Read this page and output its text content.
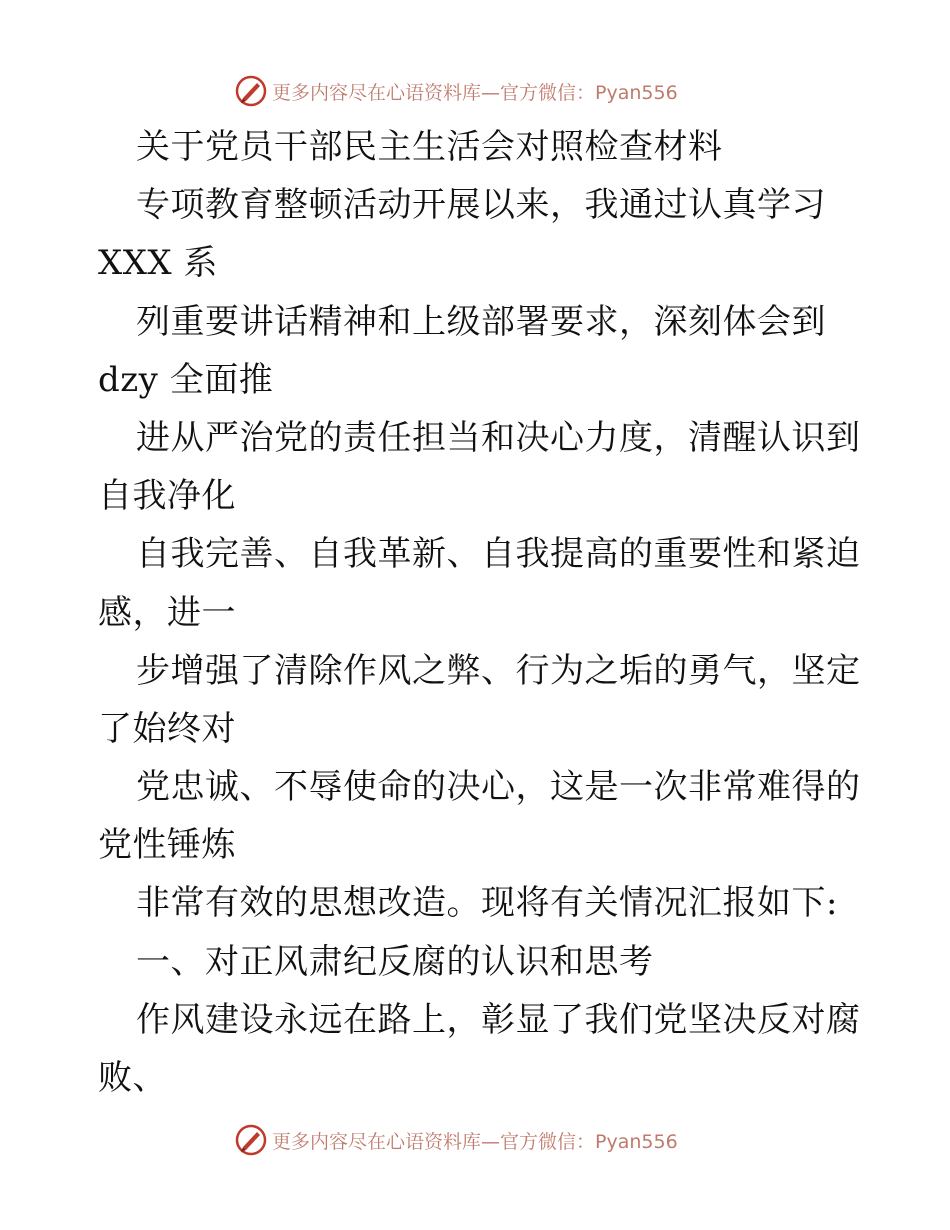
更多内容尽在心语资料库—官方微信：Pyan556
关于党员干部民主生活会对照检查材料
专项教育整顿活动开展以来，我通过认真学习
XXX 系
列重要讲话精神和上级部署要求，深刻体会到
dzy 全面推
进从严治党的责任担当和决心力度，清醒认识到
自我净化
自我完善、自我革新、自我提高的重要性和紧迫
感，进一
步增强了清除作风之弊、行为之垢的勇气，坚定
了始终对
党忠诚、不辱使命的决心，这是一次非常难得的
党性锤炼
非常有效的思想改造。现将有关情况汇报如下:
一、对正风肃纪反腐的认识和思考
作风建设永远在路上，彰显了我们党坚决反对腐
败、
更多内容尽在心语资料库—官方微信：Pyan556
